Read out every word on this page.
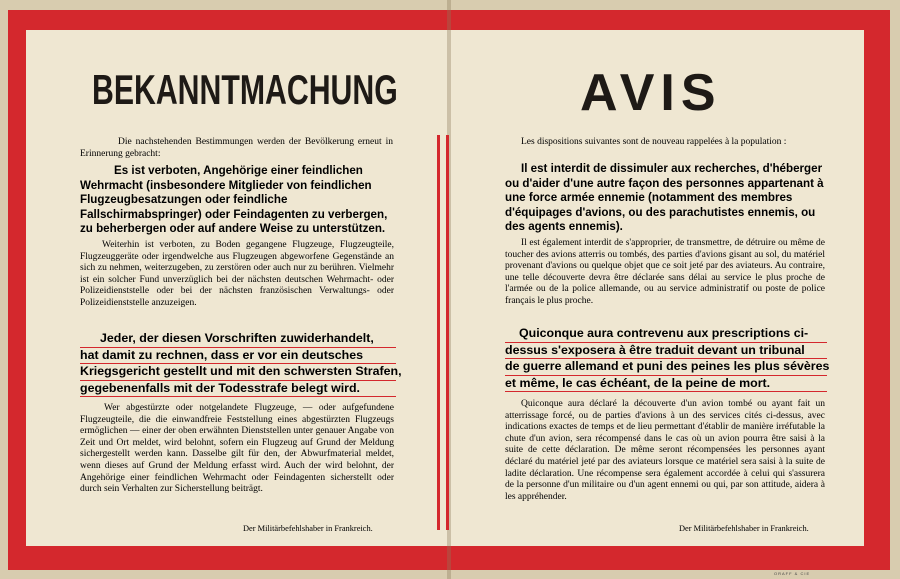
BEKANNTMACHUNG

Die nachstehenden Bestimmungen werden der Bevölkerung erneut in Erinnerung gebracht:

Es ist verboten, Angehörige einer feindlichen Wehrmacht (insbesondere Mitglieder von feindlichen Flugzeugbesatzungen oder feindliche Fallschirmabspringer) oder Feindagenten zu verbergen, zu beherbergen oder auf andere Weise zu unterstützen.

Weiterhin ist verboten, zu Boden gegangene Flugzeuge, Flugzeugteile, Flugzeuggeräte oder irgendwelche aus Flugzeugen abgeworfene Gegenstände an sich zu nehmen, weiterzugeben, zu zerstören oder auch nur zu berühren. Vielmehr ist ein solcher Fund unverzüglich bei der nächsten deutschen Wehrmacht- oder Polizeidienststelle oder bei der nächsten französischen Verwaltungs- oder Polizeidienststelle anzuzeigen.

Jeder, der diesen Vorschriften zuwiderhandelt,
hat damit zu rechnen, dass er vor ein deutsches
Kriegsgericht gestellt und mit den schwersten Strafen,
gegebenenfalls mit der Todesstrafe belegt wird.

Wer abgestürzte oder notgelandete Flugzeuge, — oder aufgefundene Flugzeugteile, die die einwandfreie Feststellung eines abgestürzten Flugzeugs ermöglichen — einer der oben erwähnten Dienststellen unter genauer Angabe von Zeit und Ort meldet, wird belohnt, sofern ein Flugzeug auf Grund der Meldung sichergestellt werden kann. Dasselbe gilt für den, der Abwurfmaterial meldet, wenn dieses auf Grund der Meldung erfasst wird. Auch der wird belohnt, der Angehörige einer feindlichen Wehrmacht oder Feindagenten sicherstellt oder durch sein Verhalten zur Sicherstellung beiträgt.

Der Militärbefehlshaber in Frankreich.
AVIS

Les dispositions suivantes sont de nouveau rappelées à la population :

Il est interdit de dissimuler aux recherches, d'héberger ou d'aider d'une autre façon des personnes appartenant à une force armée ennemie (notamment des membres d'équipages d'avions, ou des parachutistes ennemis, ou des agents ennemis).

Il est également interdit de s'approprier, de transmettre, de détruire ou même de toucher des avions atterris ou tombés, des parties d'avions gisant au sol, du matériel provenant d'avions ou quelque objet que ce soit jeté par des aviateurs. Au contraire, une telle découverte devra être déclarée sans délai au service le plus proche de l'armée ou de la police allemande, ou au service administratif ou poste de police français le plus proche.

Quiconque aura contrevenu aux prescriptions ci-
dessus s'exposera à être traduit devant un tribunal
de guerre allemand et puni des peines les plus sévères
et même, le cas échéant, de la peine de mort.

Quiconque aura déclaré la découverte d'un avion tombé ou ayant fait un atterrissage forcé, ou de parties d'avions à un des services cités ci-dessus, avec indications exactes de temps et de lieu permettant d'établir de manière irréfutable la chute d'un avion, sera récompensé dans le cas où un avion pourra être saisi à la suite de cette déclaration. De même seront récompensées les personnes ayant déclaré du matériel jeté par des aviateurs lorsque ce matériel sera saisi à la suite de ladite déclaration. Une récompense sera également accordée à celui qui s'assurera de la personne d'un militaire ou d'un agent ennemi ou qui, par son attitude, aidera à les appréhender.

Der Militärbefehlshaber in Frankreich.
ORAFF & CIE
